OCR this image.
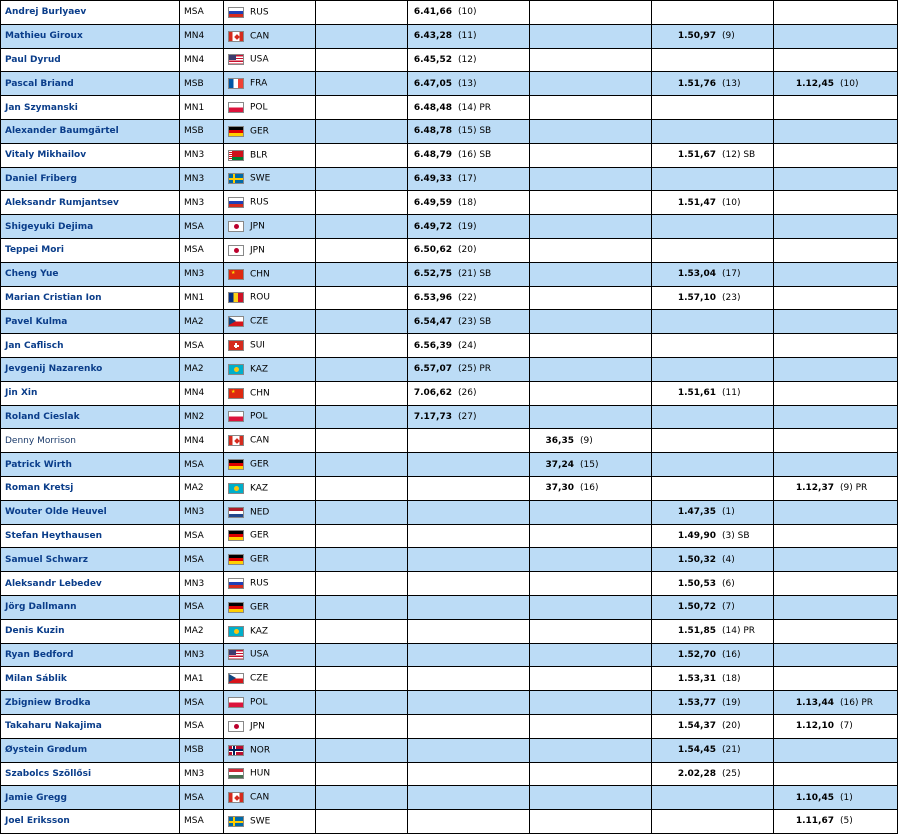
Andrej Burlyaev	MSA	RUS		6.41,66 (10)			
Mathieu Giroux	MN4	CAN		6.43,28 (11)		1.50,97 (9)	
Paul Dyrud	MN4	USA		6.45,52 (12)			
Pascal Briand	MSB	FRA		6.47,05 (13)		1.51,76 (13)	1.12,45 (10)
Jan Szymanski	MN1	POL		6.48,48 (14) PR			
Alexander Baumgärtel	MSB	GER		6.48,78 (15) SB			
Vitaly Mikhailov	MN3	BLR		6.48,79 (16) SB		1.51,67 (12) SB	
Daniel Friberg	MN3	SWE		6.49,33 (17)			
Aleksandr Rumjantsev	MN3	RUS		6.49,59 (18)		1.51,47 (10)	
Shigeyuki Dejima	MSA	JPN		6.49,72 (19)			
Teppei Mori	MSA	JPN		6.50,62 (20)			
Cheng Yue	MN3	★ CHN		6.52,75 (21) SB		1.53,04 (17)	
Marian Cristian Ion	MN1	ROU		6.53,96 (22)		1.57,10 (23)	
Pavel Kulma	MA2	CZE		6.54,47 (23) SB			
Jan Caflisch	MSA	SUI		6.56,39 (24)			
Jevgenij Nazarenko	MA2	KAZ		6.57,07 (25) PR			
Jin Xin	MN4	★ CHN		7.06,62 (26)		1.51,61 (11)	
Roland Cieslak	MN2	POL		7.17,73 (27)			
Denny Morrison	MN4	CAN			36,35 (9)		
Patrick Wirth	MSA	GER			37,24 (15)		
Roman Kretsj	MA2	KAZ			37,30 (16)		1.12,37 (9) PR
Wouter Olde Heuvel	MN3	NED				1.47,35 (1)	
Stefan Heythausen	MSA	GER				1.49,90 (3) SB	
Samuel Schwarz	MSA	GER				1.50,32 (4)	
Aleksandr Lebedev	MN3	RUS				1.50,53 (6)	
Jörg Dallmann	MSA	GER				1.50,72 (7)	
Denis Kuzin	MA2	KAZ				1.51,85 (14) PR	
Ryan Bedford	MN3	USA				1.52,70 (16)	
Milan Sáblik	MA1	CZE				1.53,31 (18)	
Zbigniew Brodka	MSA	POL				1.53,77 (19)	1.13,44 (16) PR
Takaharu Nakajima	MSA	JPN				1.54,37 (20)	1.12,10 (7)
Øystein Grødum	MSB	NOR				1.54,45 (21)	
Szabolcs Szöllősi	MN3	HUN				2.02,28 (25)	
Jamie Gregg	MSA	CAN					1.10,45 (1)
Joel Eriksson	MSA	SWE					1.11,67 (5)
